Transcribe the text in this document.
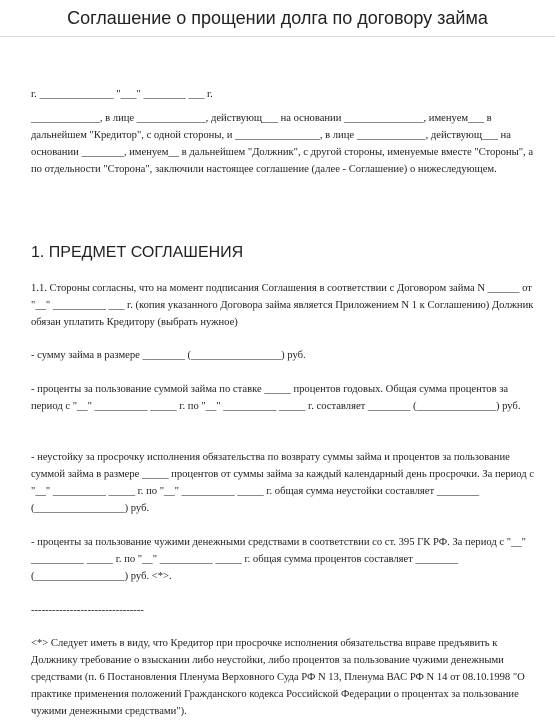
Соглашение о прощении долга по договору займа
г. ______________ "___" ________ ___ г.
_____________, в лице _____________, действующ___ на основании _______________, именуем___ в дальнейшем "Кредитор", с одной стороны, и ________________, в лице _____________, действующ___ на основании ________, именуем__ в дальнейшем "Должник", с другой стороны, именуемые вместе "Стороны", а по отдельности "Сторона", заключили настоящее соглашение (далее - Соглашение) о нижеследующем.
1. ПРЕДМЕТ СОГЛАШЕНИЯ
1.1. Стороны согласны, что на момент подписания Соглашения в соответствии с Договором займа N ______ от "__" __________ ___ г. (копия указанного Договора займа является Приложением N 1 к Соглашению) Должник обязан уплатить Кредитору (выбрать нужное)
- сумму займа в размере ________ (_________________) руб.
- проценты за пользование суммой займа по ставке _____ процентов годовых. Общая сумма процентов за период с "__" __________ _____ г. по "__" __________ _____ г. составляет ________ (_______________) руб.
- неустойку за просрочку исполнения обязательства по возврату суммы займа и процентов за пользование суммой займа в размере _____ процентов от суммы займа за каждый календарный день просрочки. За период с "__" __________ _____ г. по "__" __________ _____ г. общая сумма неустойки составляет ________ (_________________) руб.
- проценты за пользование чужими денежными средствами в соответствии со ст. 395 ГК РФ. За период с "__" __________ _____ г. по "__" __________ _____ г. общая сумма процентов составляет ________ (_________________) руб. <*>.
--------------------------------
<*> Следует иметь в виду, что Кредитор при просрочке исполнения обязательства вправе предъявить к Должнику требование о взыскании либо неустойки, либо процентов за пользование чужими денежными средствами (п. 6 Постановления Пленума Верховного Суда РФ N 13, Пленума ВАС РФ N 14 от 08.10.1998 "О практике применения положений Гражданского кодекса Российской Федерации о процентах за пользование чужими денежными средствами").
